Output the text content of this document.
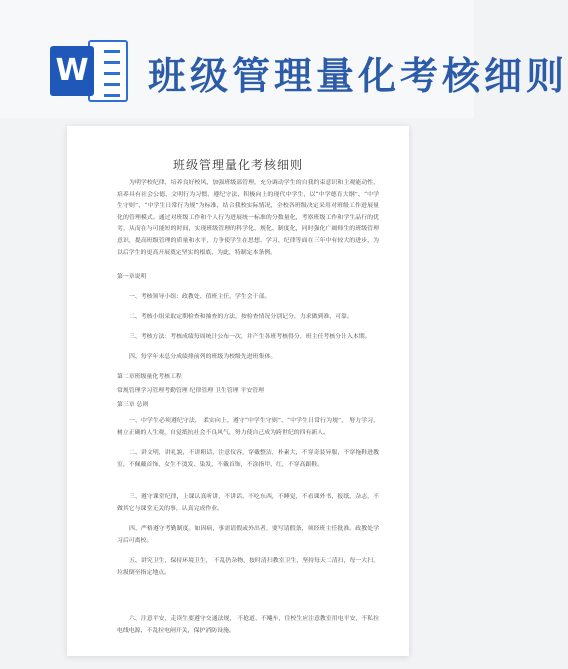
W 班级管理量化考核细则
班级管理量化考核细则
为明学校纪律，培养良好校风，加强班级部管理，充分调动学生的自我约束意识和主观能动性，培养具有社会公德、文明行为习惯、遵纪守法、积极向上的现代中学生，以“中学德育大纲”、“中学生守则”、“中学生日常行为规”为标准，结合我校实际情况，全校各班级决定采用对班级工作进展量化的管理模式。通过对班级工作和个人行为进展统一标准的分数量化，考察班级工作和学生品行的优劣，从而在与可能短的时间，实现班级管理的科学化、规化、制度化，同时强化广阔师生的班级管理意识，提高班级管理的质量和水平，力争使学生在思想、学习、纪律等面在三年中有较大的进步，为以后学生的更高开展奠定坚实的根底，为此，特制定本条例。
第一章说明
一、考核领导小组：政教处、值班主任、学生会干部。
二、考核小组采取定期检查和抽查的方法，按检查情况分别记分，力求做到准、可靠。
三、考核方法：考核成绩每周统计公布一次，并产生各班考核得分，班主任考核分计入本期。
四、每学年末总分成绩排前列的班级为校级先进班集体。
第二章班级量化考核工程
常规管理学习管理考勤管理 纪律管理 卫生管理 平安管理
第三章 总则
一、中学生必须遵纪守法， 柔实向上，遵守“中学生守则”、“中学生日常行为规”， 努力学习，树立正确的人生观，自觉抵抗社会不良风气，努力使自己成为跨世纪的四有新人。
二、讲文明，讲礼貌，不讲粗话，注意仪容，穿戴整洁，朴素大，不穿奇装异服，不穿拖鞋进教室，不佩戴首饰，女生不烫发、染发，不戴首饰，不涂指甲、红，不穿高跟鞋。
三、遵守课堂纪律，上课认真听讲，不讲话、不吃东西，不睡觉，不看课外书、报纸、杂志，不做其它与课堂无关的事，认真完成作业。
四、严格遵守考勤制度。如因病，事需请假或外出者，要写请假条，须经班主任批准。政教处学习后可离校。
五、讲究卫生，保持环境卫生， 不乱扔杂物，按时清扫教室卫生，坚持每天二清扫，每一大扫，垃圾倒至指定地点。
六、注意平安，走读生要遵守交通法规， 不抢道、不飚车，住校生应注意教室用电平安，不私拉电线电源，不乱拉电闸开关，保护消防设施。
